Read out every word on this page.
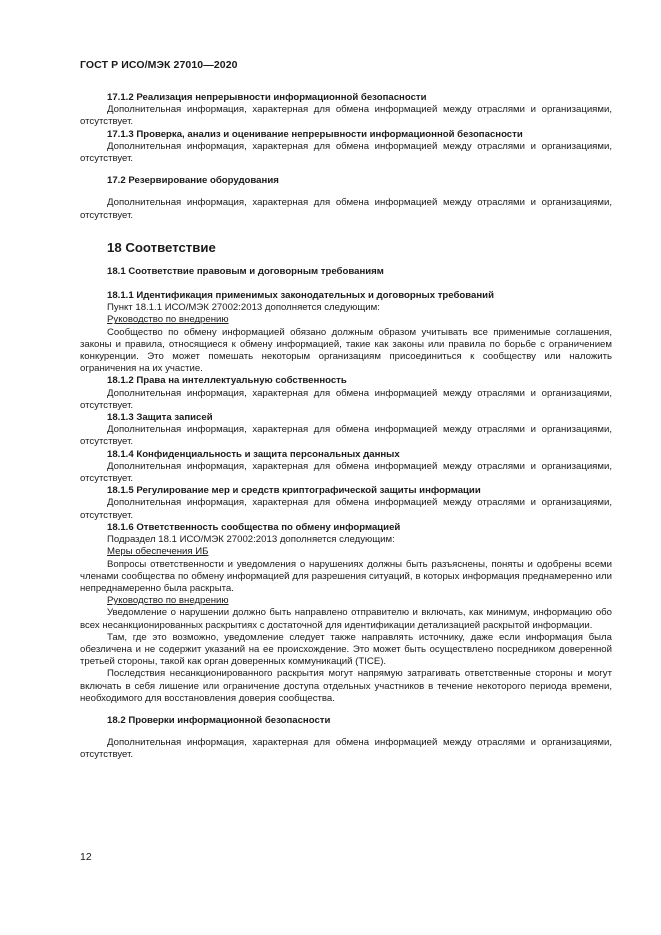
ГОСТ Р ИСО/МЭК 27010—2020

17.1.2 Реализация непрерывности информационной безопасности

Дополнительная информация, характерная для обмена информацией между отраслями и организациями, отсутствует.

17.1.3 Проверка, анализ и оценивание непрерывности информационной безопасности

Дополнительная информация, характерная для обмена информацией между отраслями и организациями, отсутствует.

17.2 Резервирование оборудования

Дополнительная информация, характерная для обмена информацией между отраслями и организациями, отсутствует.

18 Соответствие

18.1 Соответствие правовым и договорным требованиям

18.1.1 Идентификация применимых законодательных и договорных требований

Пункт 18.1.1 ИСО/МЭК 27002:2013 дополняется следующим:

Руководство по внедрению

Сообщество по обмену информацией обязано должным образом учитывать все применимые соглашения, законы и правила, относящиеся к обмену информацией, такие как законы или правила по борьбе с ограничением конкуренции. Это может помешать некоторым организациям присоединиться к сообществу или наложить ограничения на их участие.

18.1.2 Права на интеллектуальную собственность

Дополнительная информация, характерная для обмена информацией между отраслями и организациями, отсутствует.

18.1.3 Защита записей

Дополнительная информация, характерная для обмена информацией между отраслями и организациями, отсутствует.

18.1.4 Конфиденциальность и защита персональных данных

Дополнительная информация, характерная для обмена информацией между отраслями и организациями, отсутствует.

18.1.5 Регулирование мер и средств криптографической защиты информации

Дополнительная информация, характерная для обмена информацией между отраслями и организациями, отсутствует.

18.1.6 Ответственность сообщества по обмену информацией

Подраздел 18.1 ИСО/МЭК 27002:2013 дополняется следующим:

Меры обеспечения ИБ

Вопросы ответственности и уведомления о нарушениях должны быть разъяснены, поняты и одобрены всеми членами сообщества по обмену информацией для разрешения ситуаций, в которых информация преднамеренно или непреднамеренно была раскрыта.

Руководство по внедрению

Уведомление о нарушении должно быть направлено отправителю и включать, как минимум, информацию обо всех несанкционированных раскрытиях с достаточной для идентификации детализацией раскрытой информации.

Там, где это возможно, уведомление следует также направлять источнику, даже если информация была обезличена и не содержит указаний на ее происхождение. Это может быть осуществлено посредником доверенной третьей стороны, такой как орган доверенных коммуникаций (TICE).

Последствия несанкционированного раскрытия могут напрямую затрагивать ответственные стороны и могут включать в себя лишение или ограничение доступа отдельных участников в течение некоторого периода времени, необходимого для восстановления доверия сообщества.

18.2 Проверки информационной безопасности

Дополнительная информация, характерная для обмена информацией между отраслями и организациями, отсутствует.

12
